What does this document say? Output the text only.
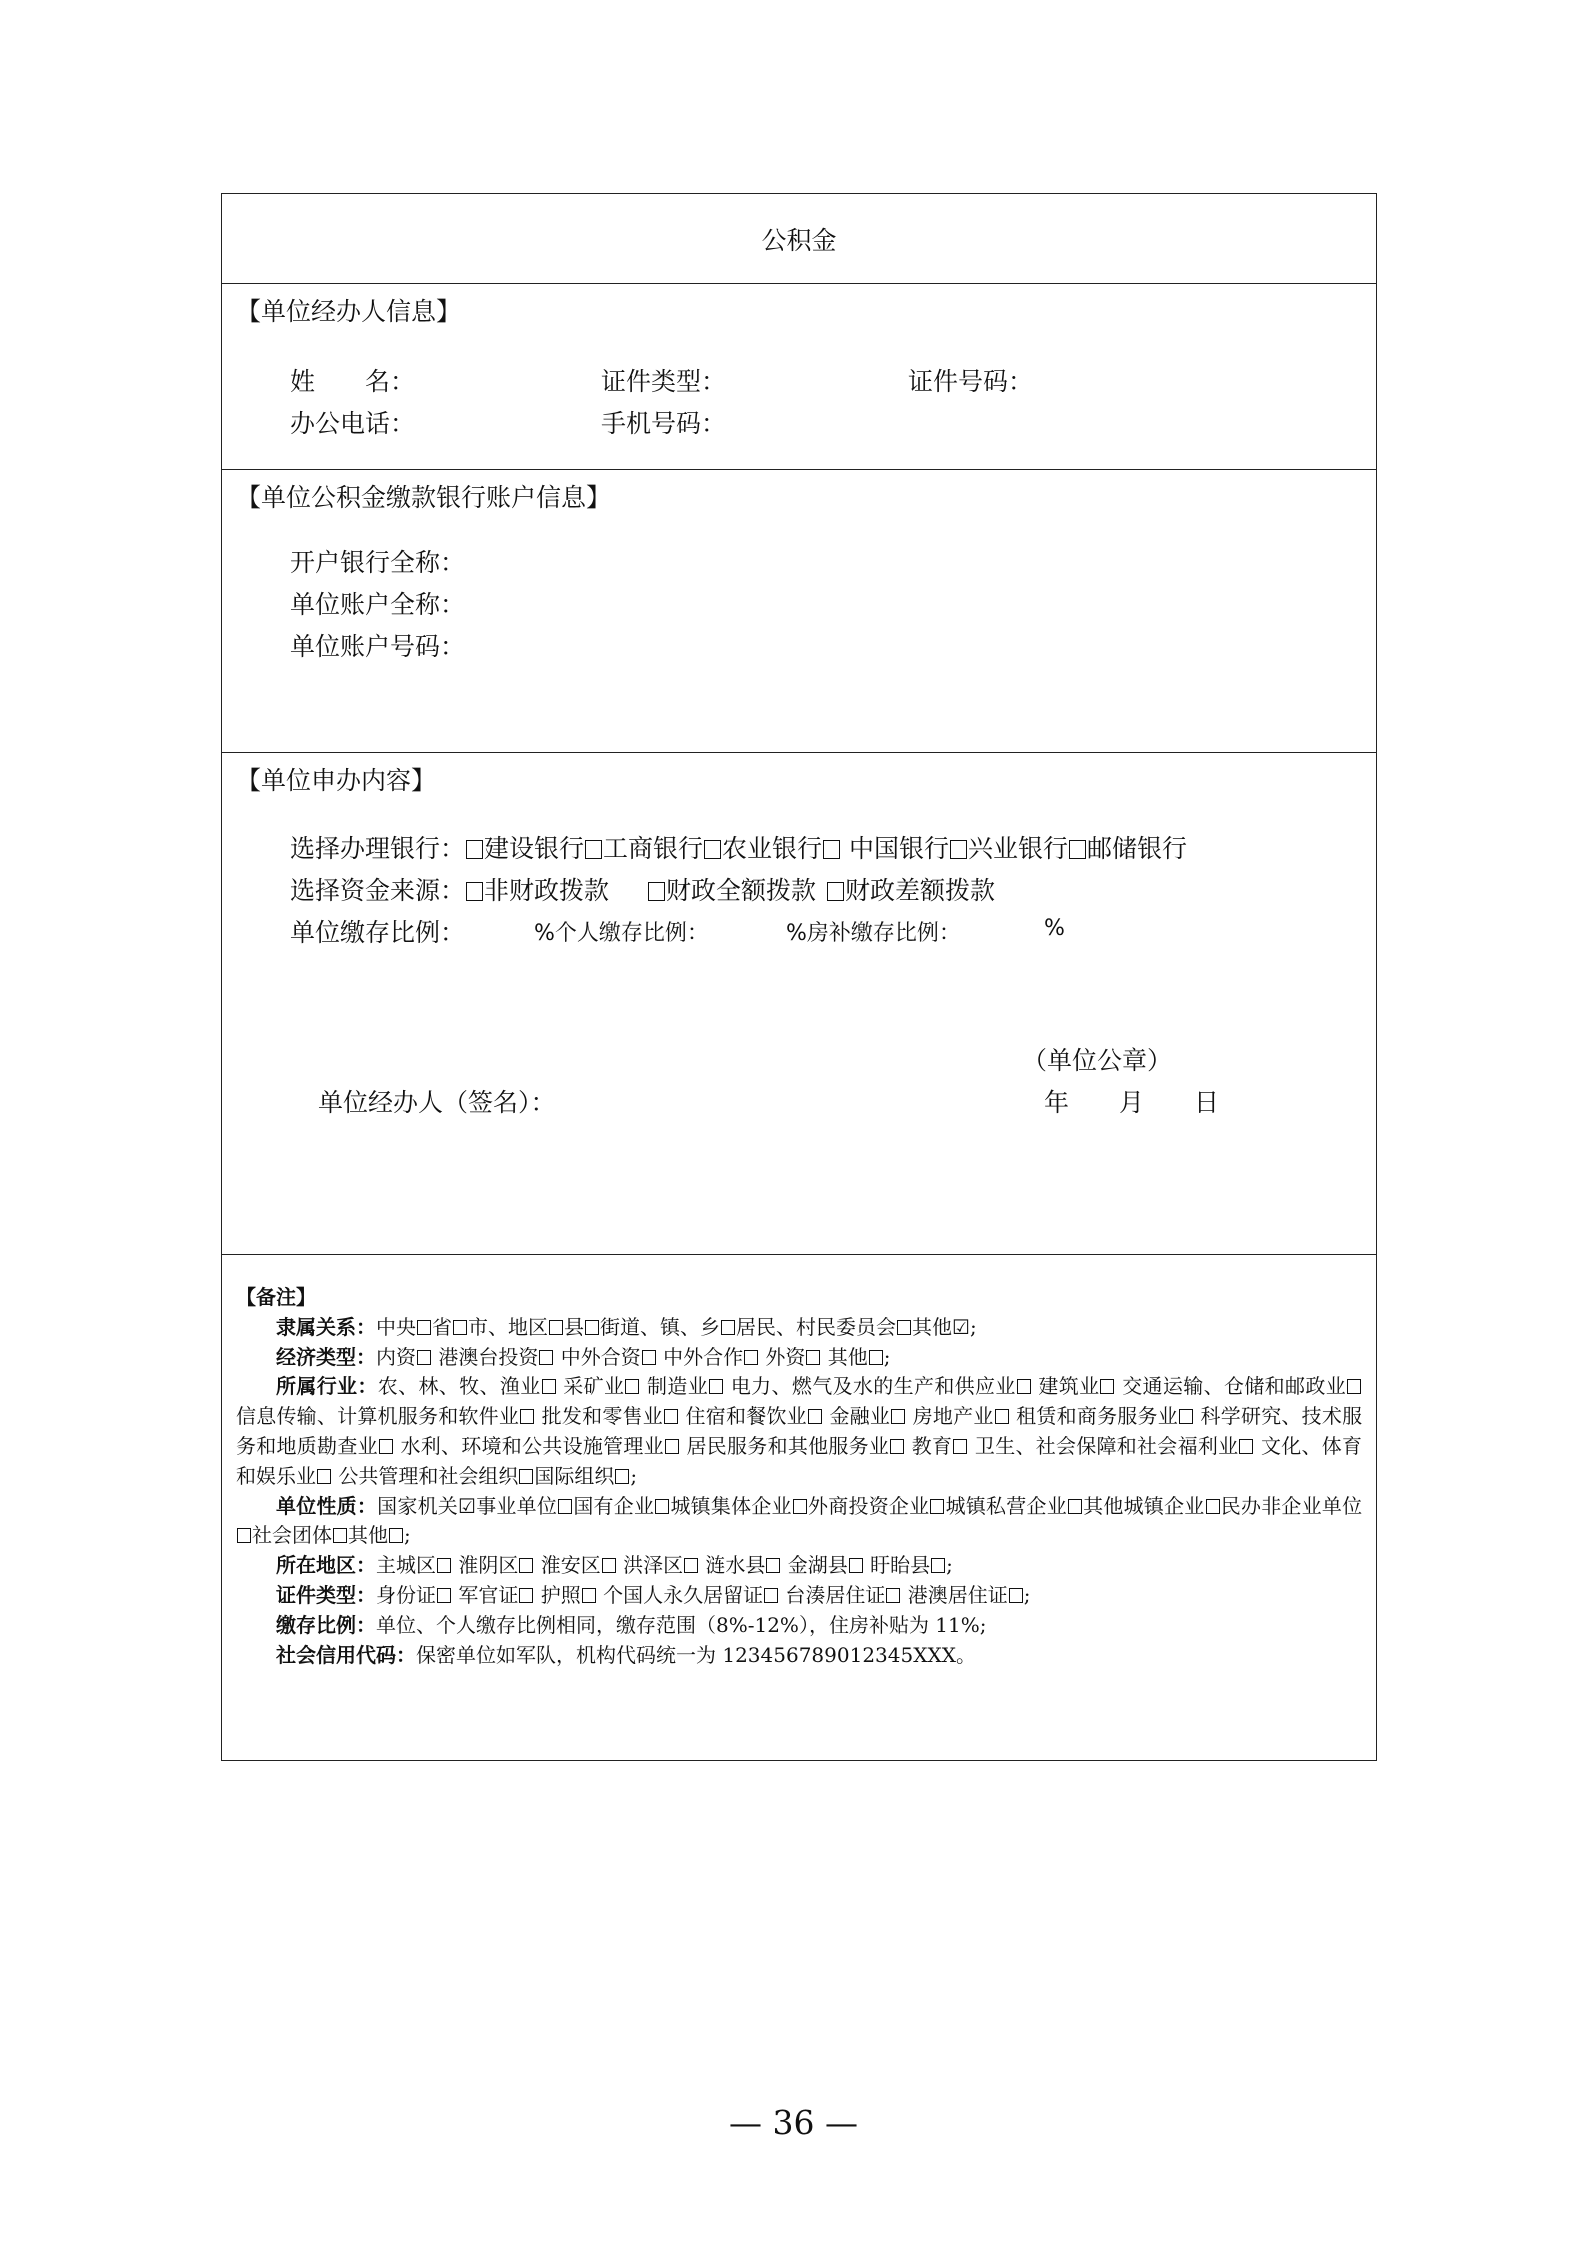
公积金
【单位经办人信息】
姓　　名：	证件类型：	证件号码：
办公电话：	手机号码：
【单位公积金缴款银行账户信息】
开户银行全称：
单位账户全称：
单位账户号码：
【单位申办内容】
选择办理银行： 建设银行 工商银行 农业银行 中国银行 兴业银行 邮储银行
选择资金来源： 非财政拨款 财政全额拨款 财政差额拨款
单位缴存比例：	%个人缴存比例：	%房补缴存比例：	%
（单位公章）
单位经办人（签名）：	年　　月　　日
【备注】
隶属关系：中央 省 市、地区 县 街道、镇、乡 居民、村民委员会 其他☑;
经济类型：内资 港澳台投资 中外合资 中外合作 外资 其他 ;
所属行业：农、林、牧、渔业 采矿业 制造业 电力、燃气及水的生产和供应业 建筑业 交通运输、仓储和邮政业 信息传输、计算机服务和软件业 批发和零售业 住宿和餐饮业 金融业 房地产业 租赁和商务服务业 科学研究、技术服务和地质勘查业 水利、环境和公共设施管理业 居民服务和其他服务业 教育 卫生、社会保障和社会福利业 文化、体育和娱乐业 公共管理和社会组织 国际组织 ;
单位性质：国家机关☑事业单位 国有企业 城镇集体企业 外商投资企业 城镇私营企业 其他城镇企业 民办非企业单位社会团体 其他 ;
所在地区：主城区 淮阴区 淮安区 洪泽区 涟水县 金湖县 盱眙县 ;
证件类型：身份证 军官证 护照 个国人永久居留证 台湊居住证 港澳居住证 ;
缴存比例：单位、个人缴存比例相同，缴存范围（8%-12%），住房补贴为 11%;
社会信用代码：保密单位如军队，机构代码统一为 123456789012345XXX。
— 36 —
